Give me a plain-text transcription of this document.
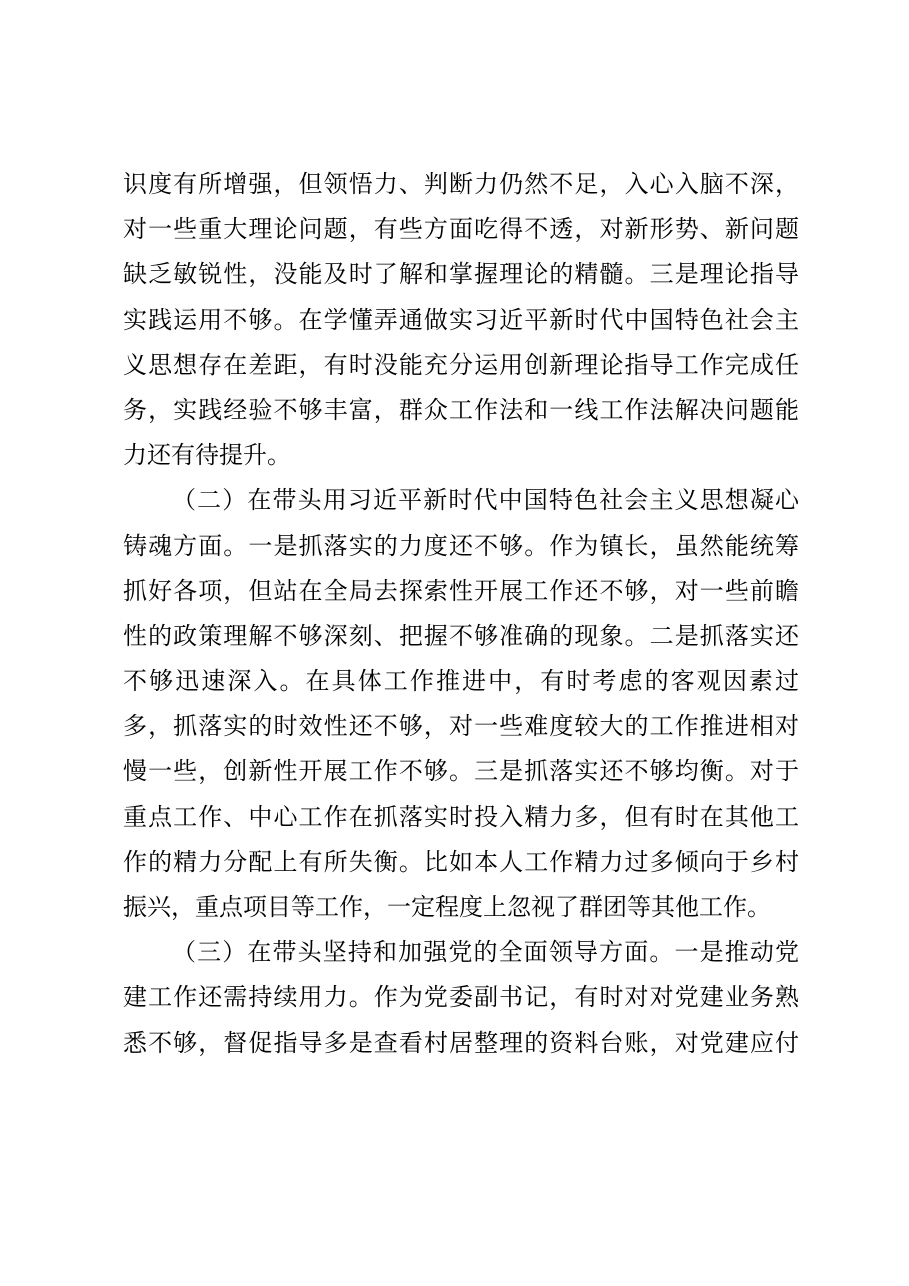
识度有所增强，但领悟力、判断力仍然不足，入心入脑不深，
对一些重大理论问题，有些方面吃得不透，对新形势、新问题
缺乏敏锐性，没能及时了解和掌握理论的精髓。三是理论指导
实践运用不够。在学懂弄通做实习近平新时代中国特色社会主
义思想存在差距，有时没能充分运用创新理论指导工作完成任
务，实践经验不够丰富，群众工作法和一线工作法解决问题能
力还有待提升。
（二）在带头用习近平新时代中国特色社会主义思想凝心
铸魂方面。一是抓落实的力度还不够。作为镇长，虽然能统筹
抓好各项，但站在全局去探索性开展工作还不够，对一些前瞻
性的政策理解不够深刻、把握不够准确的现象。二是抓落实还
不够迅速深入。在具体工作推进中，有时考虑的客观因素过
多，抓落实的时效性还不够，对一些难度较大的工作推进相对
慢一些，创新性开展工作不够。三是抓落实还不够均衡。对于
重点工作、中心工作在抓落实时投入精力多，但有时在其他工
作的精力分配上有所失衡。比如本人工作精力过多倾向于乡村
振兴，重点项目等工作，一定程度上忽视了群团等其他工作。
（三）在带头坚持和加强党的全面领导方面。一是推动党
建工作还需持续用力。作为党委副书记，有时对对党建业务熟
悉不够，督促指导多是查看村居整理的资料台账，对党建应付
